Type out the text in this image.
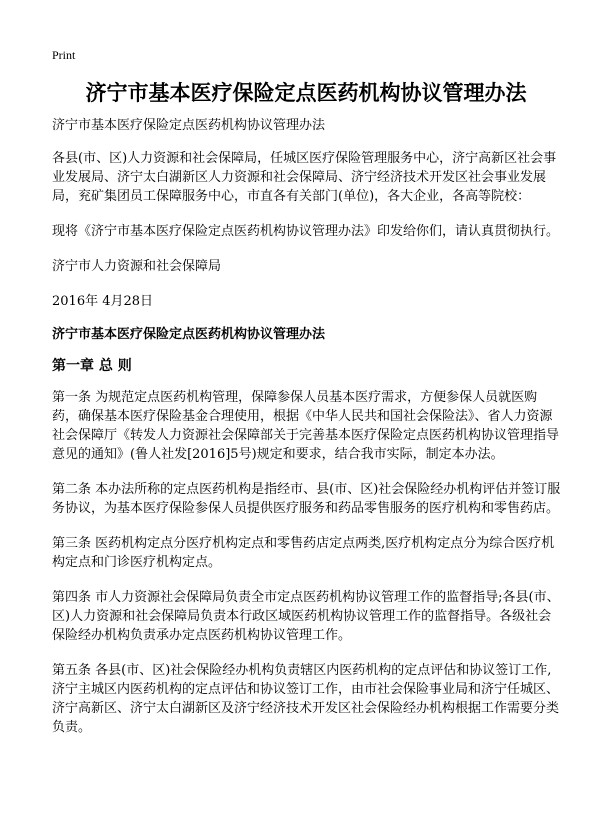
Print
济宁市基本医疗保险定点医药机构协议管理办法

济宁市基本医疗保险定点医药机构协议管理办法

各县(市、区)人力资源和社会保障局，任城区医疗保险管理服务中心，济宁高新区社会事业发展局、济宁太白湖新区人力资源和社会保障局、济宁经济技术开发区社会事业发展局，兖矿集团员工保障服务中心，市直各有关部门(单位)，各大企业，各高等院校：

现将《济宁市基本医疗保险定点医药机构协议管理办法》印发给你们，请认真贯彻执行。

济宁市人力资源和社会保障局

2016年 4月28日

济宁市基本医疗保险定点医药机构协议管理办法
第一章 总 则

第一条 为规范定点医药机构管理，保障参保人员基本医疗需求，方便参保人员就医购药，确保基本医疗保险基金合理使用，根据《中华人民共和国社会保险法》、省人力资源社会保障厅《转发人力资源社会保障部关于完善基本医疗保险定点医药机构协议管理指导意见的通知》(鲁人社发[2016]5号)规定和要求，结合我市实际，制定本办法。

第二条 本办法所称的定点医药机构是指经市、县(市、区)社会保险经办机构评估并签订服务协议，为基本医疗保险参保人员提供医疗服务和药品零售服务的医疗机构和零售药店。

第三条 医药机构定点分医疗机构定点和零售药店定点两类,医疗机构定点分为综合医疗机构定点和门诊医疗机构定点。

第四条 市人力资源社会保障局负责全市定点医药机构协议管理工作的监督指导;各县(市、区)人力资源和社会保障局负责本行政区域医药机构协议管理工作的监督指导。各级社会保险经办机构负责承办定点医药机构协议管理工作。

第五条 各县(市、区)社会保险经办机构负责辖区内医药机构的定点评估和协议签订工作,济宁主城区内医药机构的定点评估和协议签订工作，由市社会保险事业局和济宁任城区、济宁高新区、济宁太白湖新区及济宁经济技术开发区社会保险经办机构根据工作需要分类负责。
